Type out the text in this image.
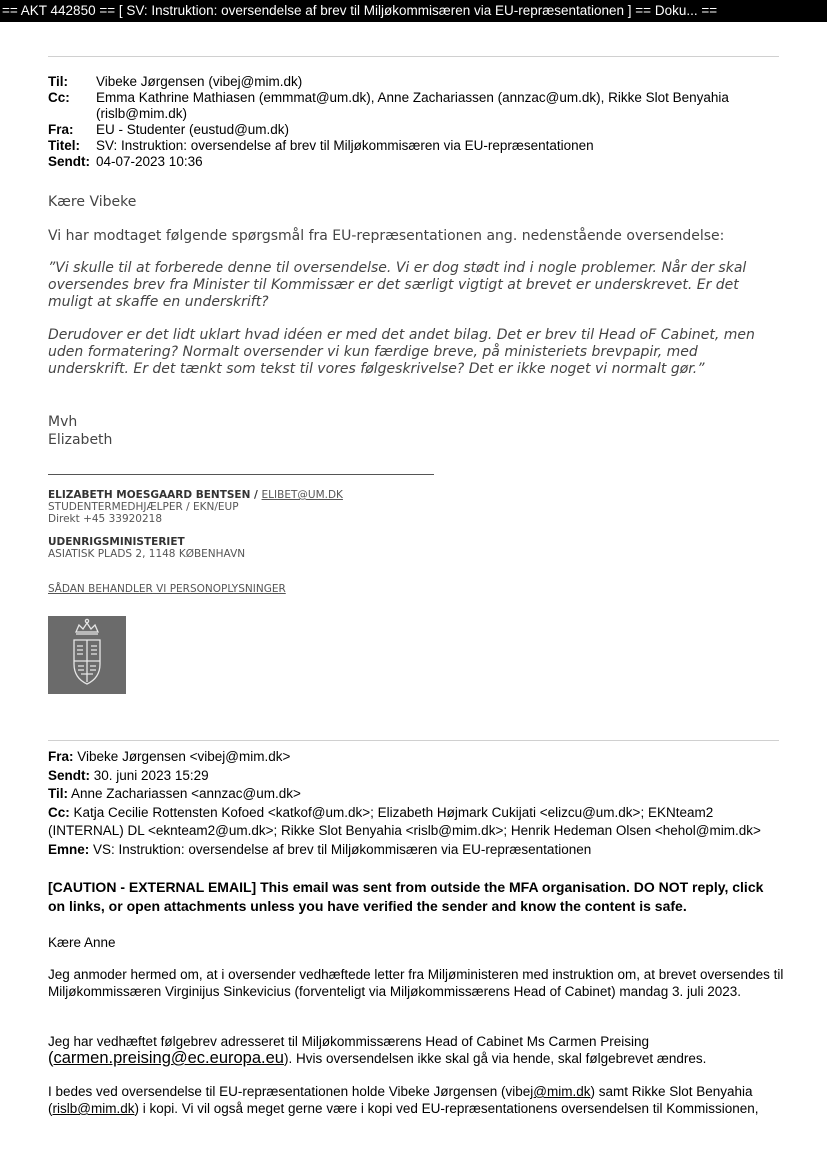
== AKT 442850 == [ SV: Instruktion: oversendelse af brev til Miljøkommisæren via EU-repræsentationen ] == Doku... ==
Til:	Vibeke Jørgensen (vibej@mim.dk)
Cc:	Emma Kathrine Mathiasen (emmmat@um.dk), Anne Zachariassen (annzac@um.dk), Rikke Slot Benyahia (rislb@mim.dk)
Fra:	EU - Studenter (eustud@um.dk)
Titel:	SV: Instruktion: oversendelse af brev til Miljøkommisæren via EU-repræsentationen
Sendt: 04-07-2023 10:36
Kære Vibeke
Vi har modtaget følgende spørgsmål fra EU-repræsentationen ang. nedenstående oversendelse:

”Vi skulle til at forberede denne til oversendelse. Vi er dog stødt ind i nogle problemer. Når der skal oversendes brev fra Minister til Kommissær er det særligt vigtigt at brevet er underskrevet. Er det muligt at skaffe en underskrift?

Derudover er det lidt uklart hvad idéen er med det andet bilag. Det er brev til Head oF Cabinet, men uden formatering? Normalt oversender vi kun færdige breve, på ministeriets brevpapir, med underskrift. Er det tænkt som tekst til vores følgeskrivelse? Det er ikke noget vi normalt gør.”

Mvh
Elizabeth
ELIZABETH MOESGAARD BENTSEN / ELIBET@UM.DK
STUDENTERMEDHJÆLPER / EKN/EUP
Direkt +45 33920218
UDENRIGSMINISTERIET
ASIATISK PLADS 2, 1148 KØBENHAVN
SÅDAN BEHANDLER VI PERSONOPLYSNINGER
Fra: Vibeke Jørgensen <vibej@mim.dk>
Sendt: 30. juni 2023 15:29
Til: Anne Zachariassen <annzac@um.dk>
Cc: Katja Cecilie Rottensten Kofoed <katkof@um.dk>; Elizabeth Højmark Cukijati <elizcu@um.dk>; EKNteam2 (INTERNAL) DL <eknteam2@um.dk>; Rikke Slot Benyahia <rislb@mim.dk>; Henrik Hedeman Olsen <hehol@mim.dk>
Emne: VS: Instruktion: oversendelse af brev til Miljøkommisæren via EU-repræsentationen
[CAUTION - EXTERNAL EMAIL] This email was sent from outside the MFA organisation. DO NOT reply, click on links, or open attachments unless you have verified the sender and know the content is safe.
Kære Anne
Jeg anmoder hermed om, at i oversender vedhæftede letter fra Miljøministeren med instruktion om, at brevet oversendes til Miljøkommissæren Virginijus Sinkevicius (forventeligt via Miljøkommissærens Head of Cabinet) mandag 3. juli 2023.

Jeg har vedhæftet følgebrev adresseret til Miljøkommissærens Head of Cabinet Ms Carmen Preising

(carmen.preising@ec.europa.eu). Hvis oversendelsen ikke skal gå via hende, skal følgebrevet ændres.

I bedes ved oversendelse til EU-repræsentationen holde Vibeke Jørgensen (vibej@mim.dk) samt Rikke Slot Benyahia

(rislb@mim.dk) i kopi. Vi vil også meget gerne være i kopi ved EU-repræsentationens oversendelsen til Kommissionen,
